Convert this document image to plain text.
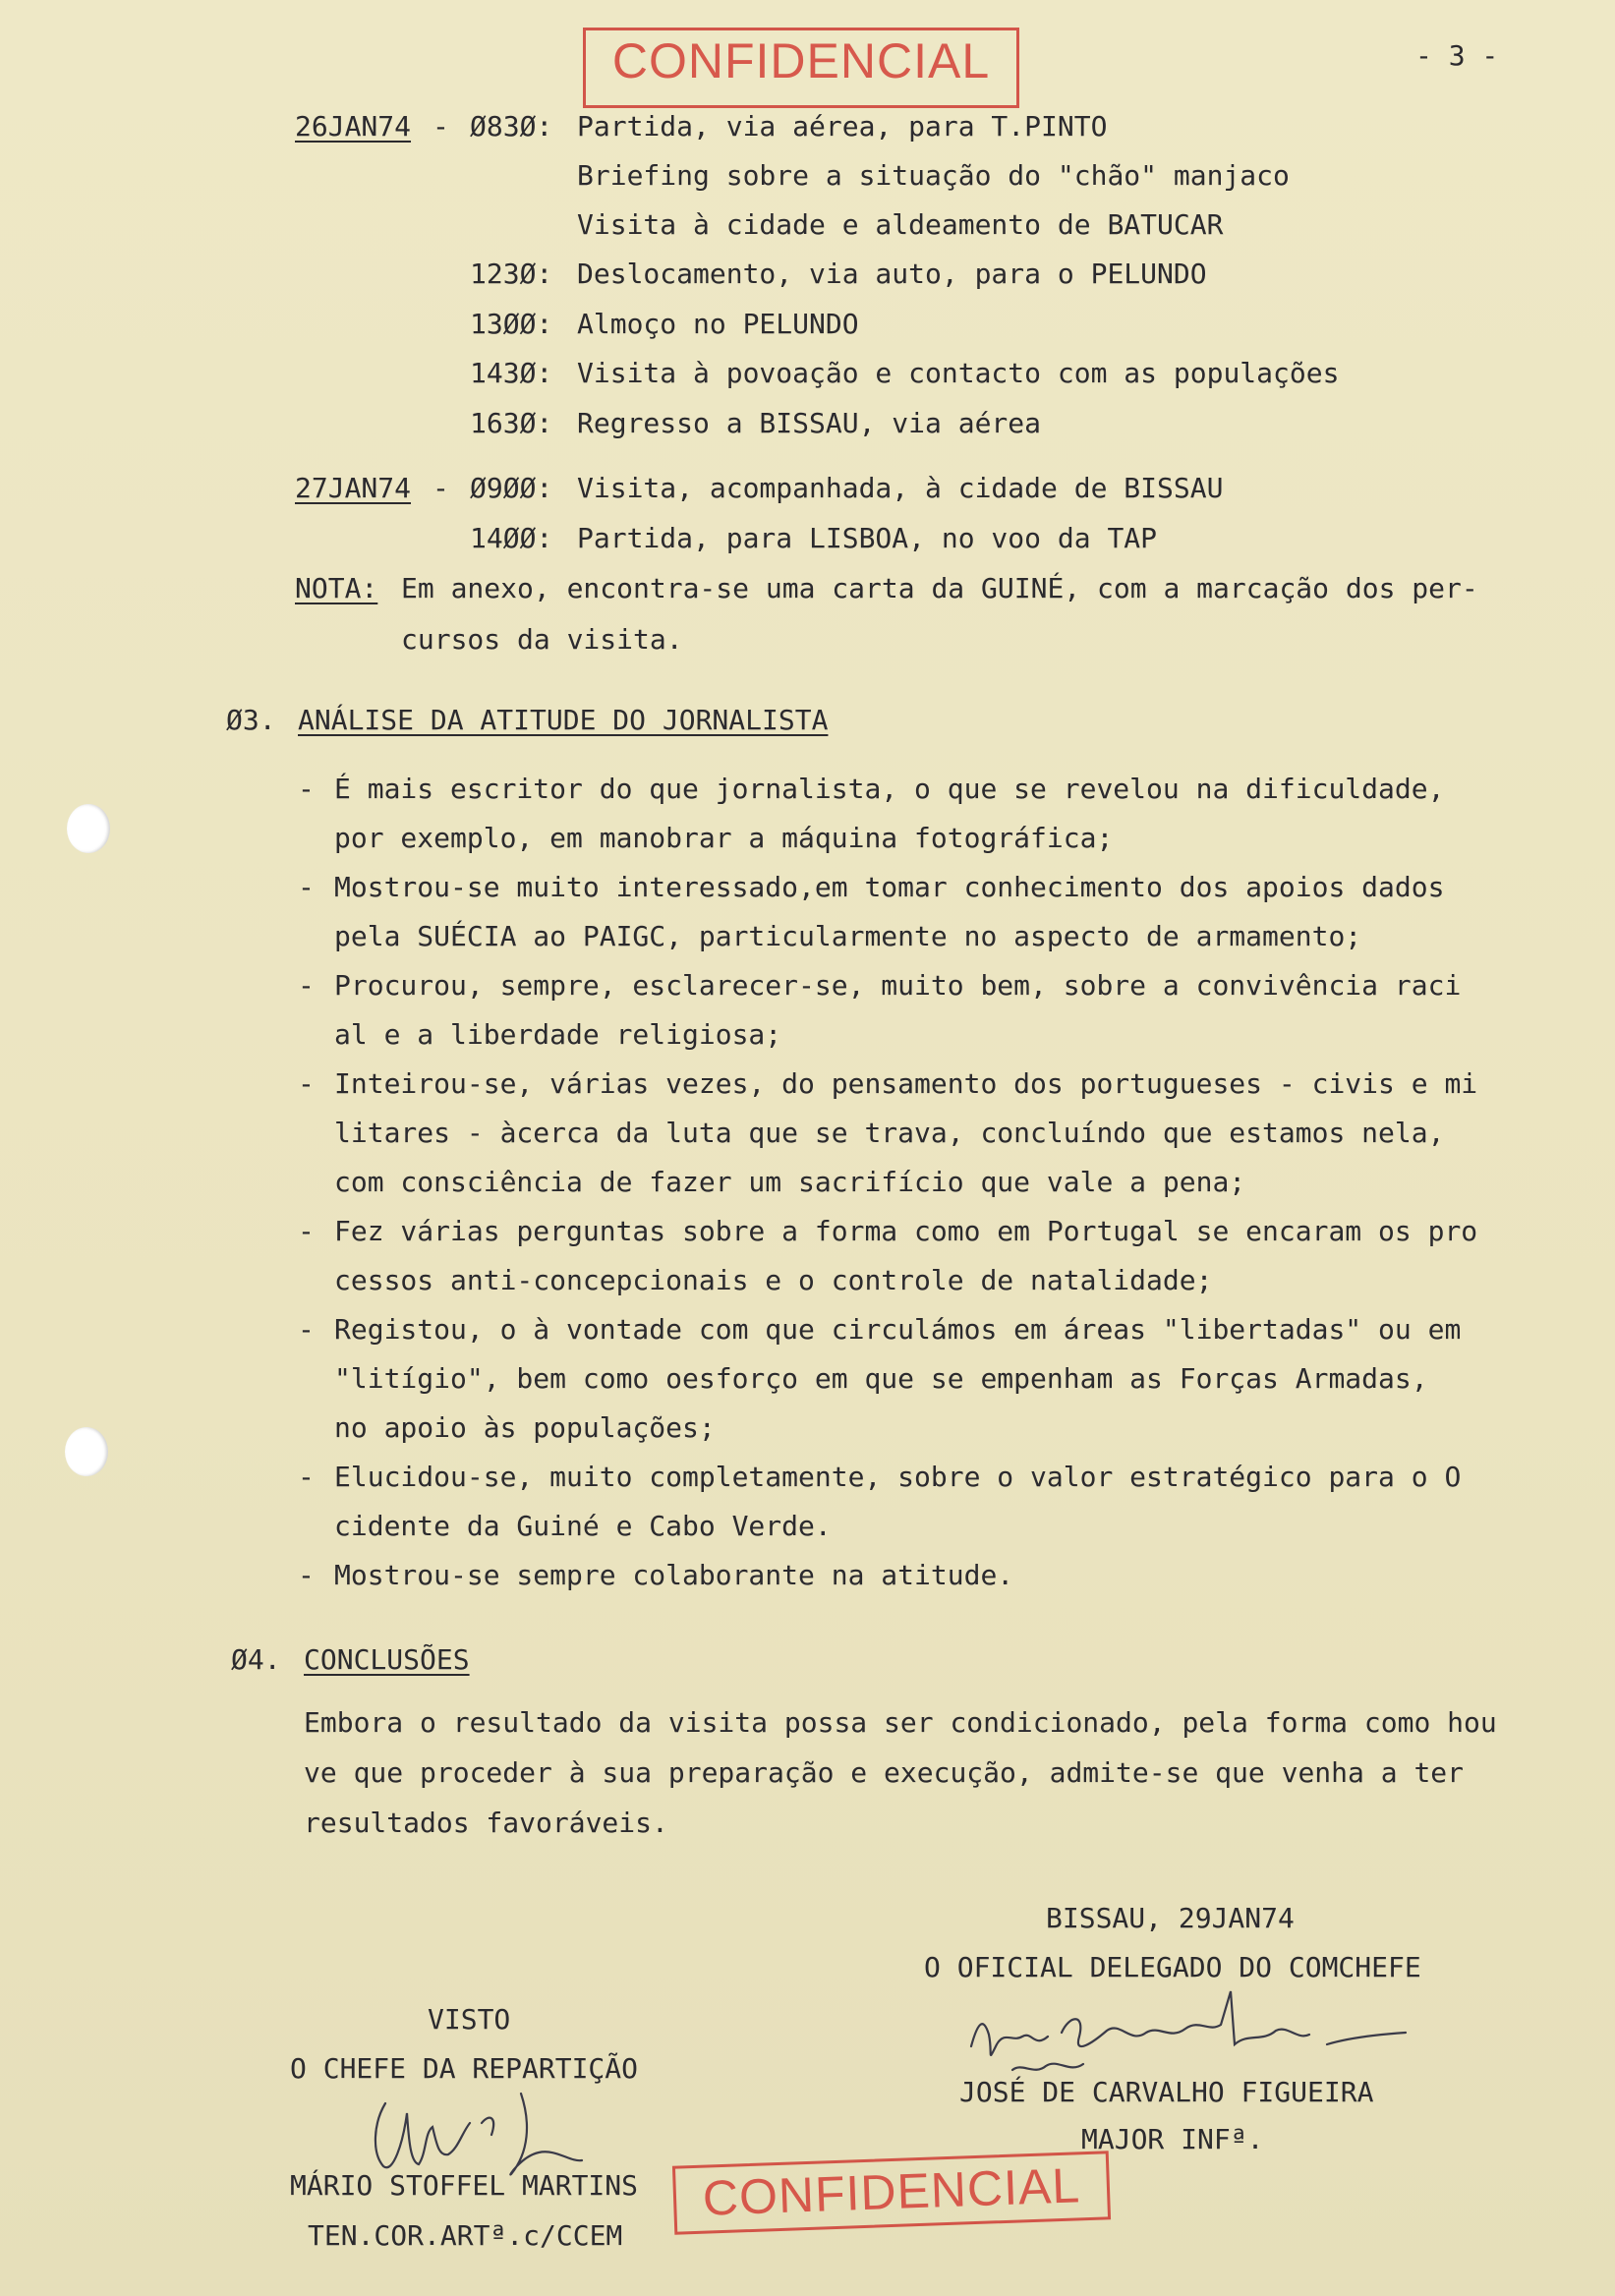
CONFIDENCIAL	- 3 -
26JAN74 - Ø83Ø: Partida, via aérea, para T.PINTO
Briefing sobre a situação do "chão" manjaco
Visita à cidade e aldeamento de BATUCAR
123Ø: Deslocamento, via auto, para o PELUNDO
13ØØ: Almoço no PELUNDO
143Ø: Visita à povoação e contacto com as populações
163Ø: Regresso a BISSAU, via aérea
27JAN74 - Ø9ØØ: Visita, acompanhada, à cidade de BISSAU
14ØØ: Partida, para LISBOA, no voo da TAP
NOTA: Em anexo, encontra-se uma carta da GUINÉ, com a marcação dos per-
cursos da visita.
Ø3. ANÁLISE DA ATITUDE DO JORNALISTA
- É mais escritor do que jornalista, o que se revelou na dificuldade,
por exemplo, em manobrar a máquina fotográfica;
- Mostrou-se muito interessado,em tomar conhecimento dos apoios dados
pela SUÉCIA ao PAIGC, particularmente no aspecto de armamento;
- Procurou, sempre, esclarecer-se, muito bem, sobre a convivência raci
al e a liberdade religiosa;
- Inteirou-se, várias vezes, do pensamento dos portugueses - civis e mi
litares - àcerca da luta que se trava, concluíndo que estamos nela,
com consciência de fazer um sacrifício que vale a pena;
- Fez várias perguntas sobre a forma como em Portugal se encaram os pro
cessos anti-concepcionais e o controle de natalidade;
- Registou, o à vontade com que circulámos em áreas "libertadas" ou em
"litígio", bem como oesforço em que se empenham as Forças Armadas,
no apoio às populações;
- Elucidou-se, muito completamente, sobre o valor estratégico para o O
cidente da Guiné e Cabo Verde.
- Mostrou-se sempre colaborante na atitude.
Ø4. CONCLUSÕES
Embora o resultado da visita possa ser condicionado, pela forma como hou
ve que proceder à sua preparação e execução, admite-se que venha a ter
resultados favoráveis.
BISSAU, 29JAN74
O OFICIAL DELEGADO DO COMCHEFE
JOSÉ DE CARVALHO FIGUEIRA
MAJOR INFª.
VISTO
O CHEFE DA REPARTIÇÃO
MÁRIO STOFFEL MARTINS
TEN.COR.ARTª.c/CCEM
CONFIDENCIAL
